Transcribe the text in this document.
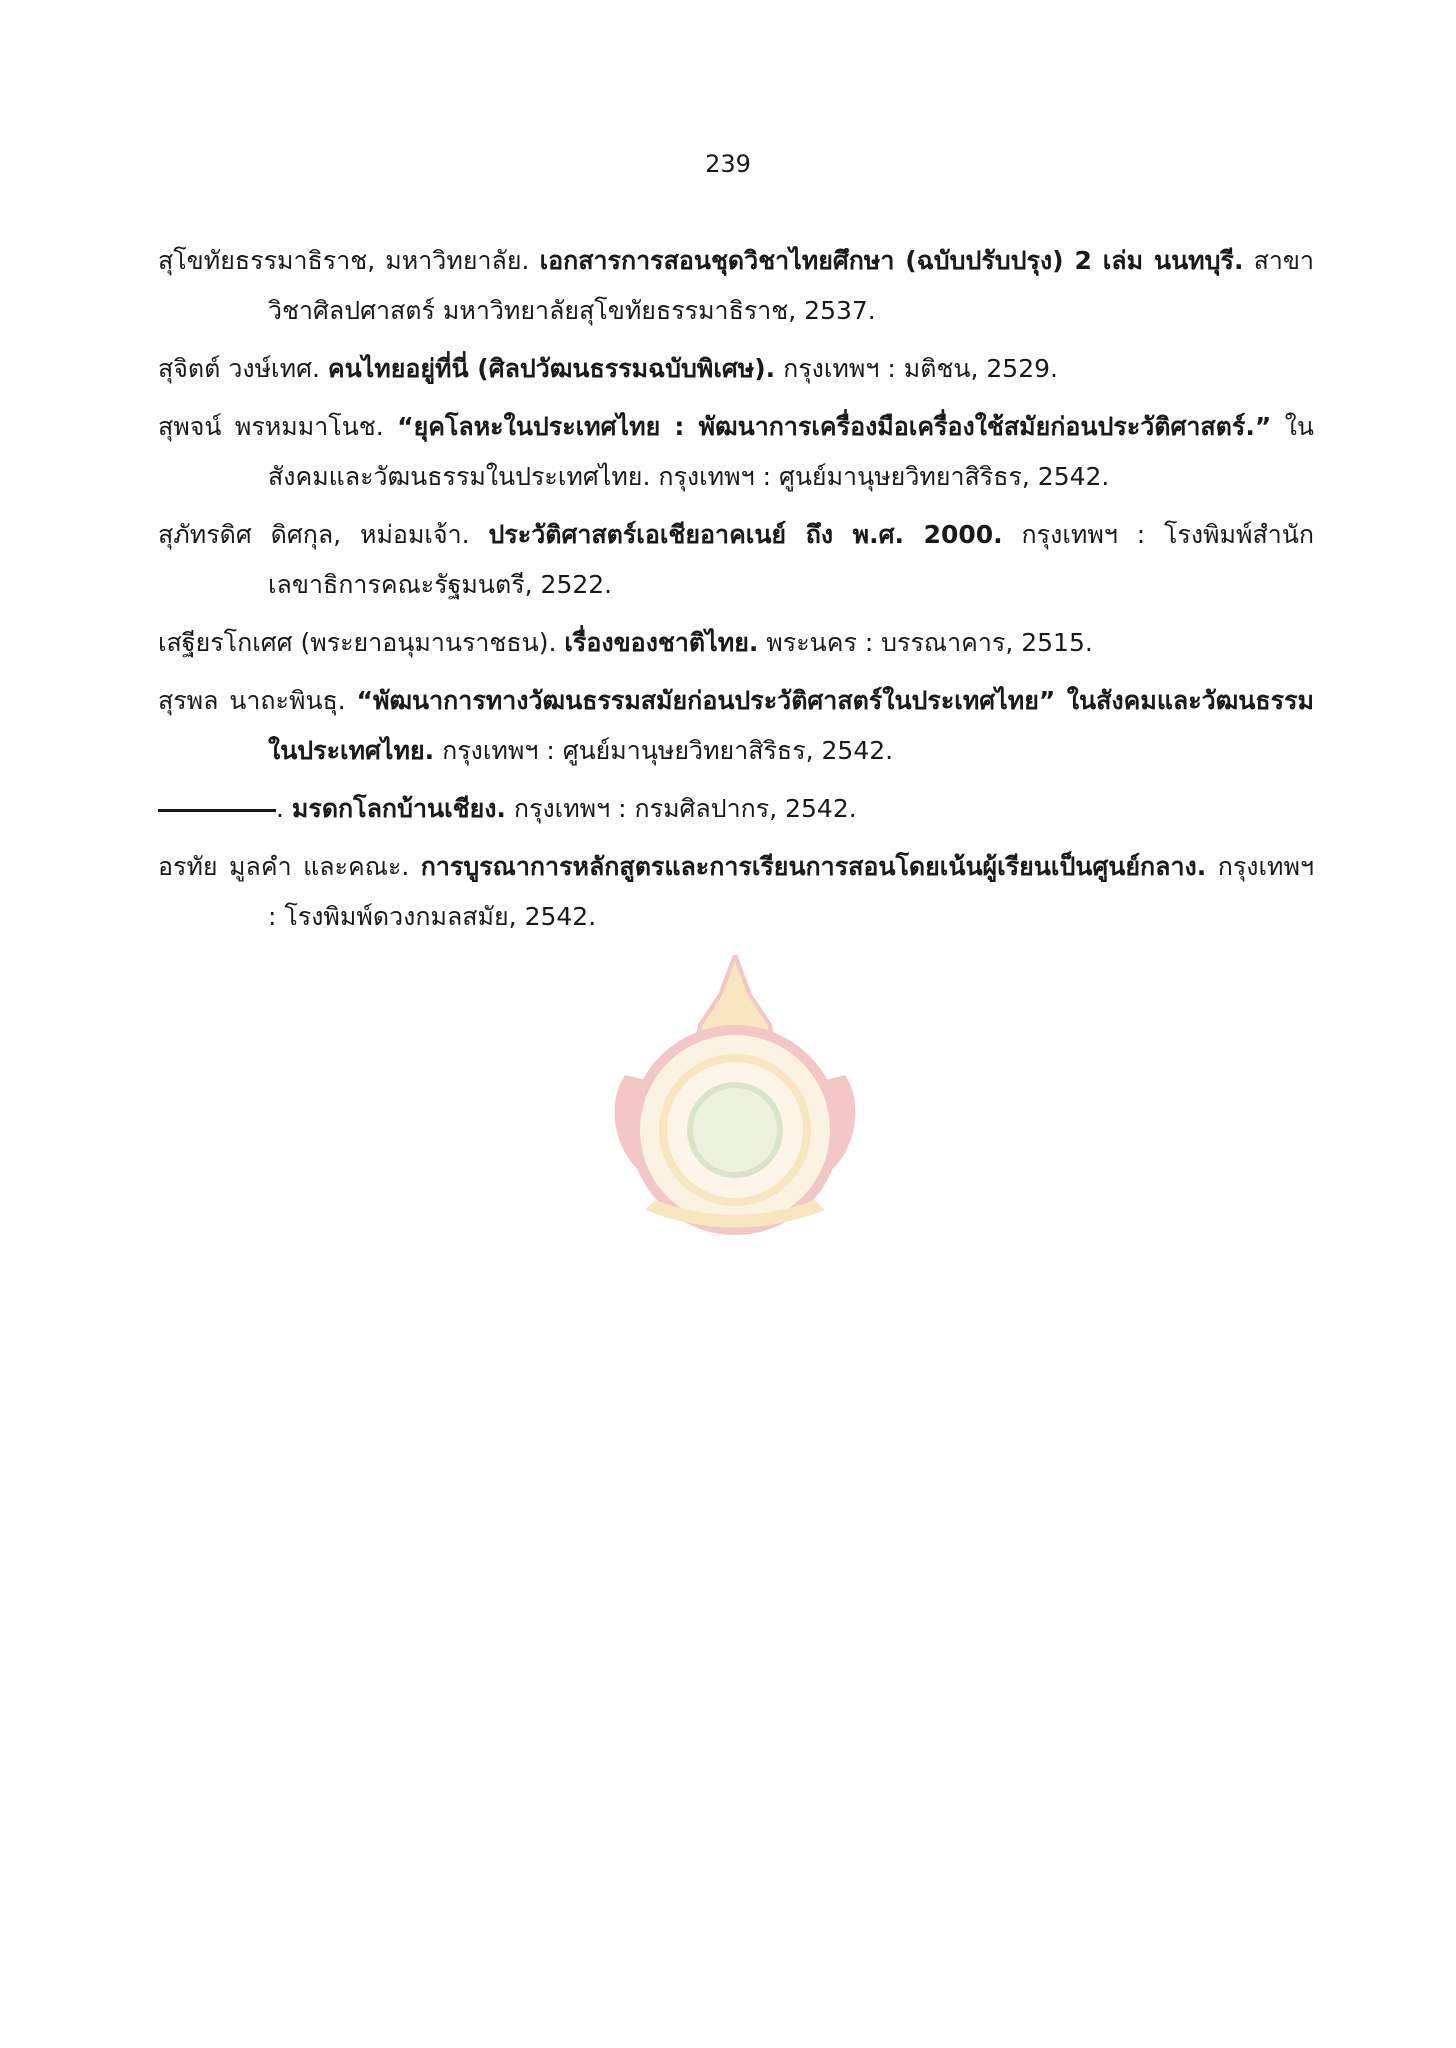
239

สุโขทัยธรรมาธิราช, มหาวิทยาลัย. เอกสารการสอนชุดวิชาไทยศึกษา (ฉบับปรับปรุง) 2 เล่ม นนทบุรี. สาขาวิชาศิลปศาสตร์ มหาวิทยาลัยสุโขทัยธรรมาธิราช, 2537.

สุจิตต์ วงษ์เทศ. คนไทยอยู่ที่นี่ (ศิลปวัฒนธรรมฉบับพิเศษ). กรุงเทพฯ : มติชน, 2529.

สุพจน์ พรหมมาโนช. “ยุคโลหะในประเทศไทย : พัฒนาการเครื่องมือเครื่องใช้สมัยก่อนประวัติศาสตร์.” ในสังคมและวัฒนธรรมในประเทศไทย. กรุงเทพฯ : ศูนย์มานุษยวิทยาสิริธร, 2542.

สุภัทรดิศ ดิศกุล, หม่อมเจ้า. ประวัติศาสตร์เอเชียอาคเนย์ ถึง พ.ศ. 2000. กรุงเทพฯ : โรงพิมพ์สำนักเลขาธิการคณะรัฐมนตรี, 2522.

เสฐียรโกเศศ (พระยาอนุมานราชธน). เรื่องของชาติไทย. พระนคร : บรรณาคาร, 2515.

สุรพล นาถะพินธุ. “พัฒนาการทางวัฒนธรรมสมัยก่อนประวัติศาสตร์ในประเทศไทย” ในสังคมและวัฒนธรรมในประเทศไทย. กรุงเทพฯ : ศูนย์มานุษยวิทยาสิริธร, 2542.

. มรดกโลกบ้านเชียง. กรุงเทพฯ : กรมศิลปากร, 2542.

อรทัย มูลคำ และคณะ. การบูรณาการหลักสูตรและการเรียนการสอนโดยเน้นผู้เรียนเป็นศูนย์กลาง. กรุงเทพฯ : โรงพิมพ์ดวงกมลสมัย, 2542.
